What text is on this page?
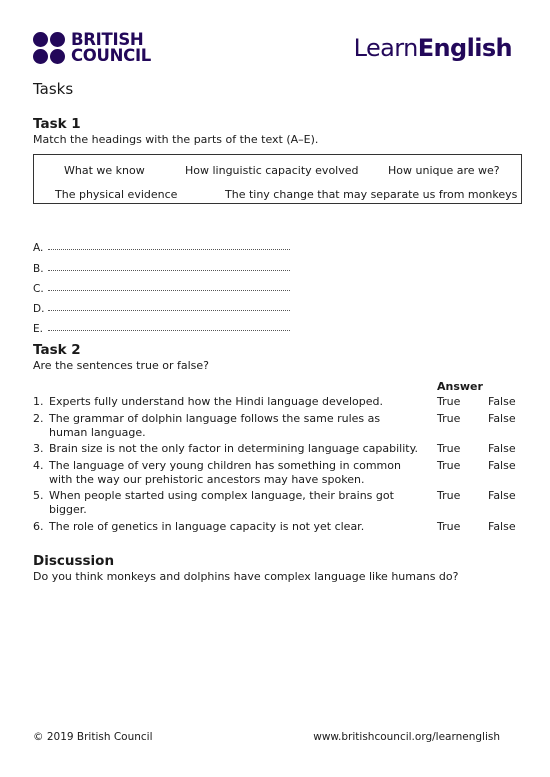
BRITISH
COUNCIL	LearnEnglish
Tasks
Task 1
Match the headings with the parts of the text (A–E).
What we know	How linguistic capacity evolved	How unique are we?
The physical evidence	The tiny change that may separate us from monkeys
A.
B.
C.
D.
E.
Task 2
Are the sentences true or false?
Answer
1. Experts fully understand how the Hindi language developed.	True	False
2. The grammar of dolphin language follows the same rules as human language.
True	False
3. Brain size is not the only factor in determining language capability. True	False
4. The language of very young children has something in common with the way our prehistoric ancestors may have spoken.
True	False
5. When people started using complex language, their brains got bigger.
True	False
6. The role of genetics in language capacity is not yet clear.	True	False
Discussion
Do you think monkeys and dolphins have complex language like humans do?
© 2019 British Council	www.britishcouncil.org/learnenglish
